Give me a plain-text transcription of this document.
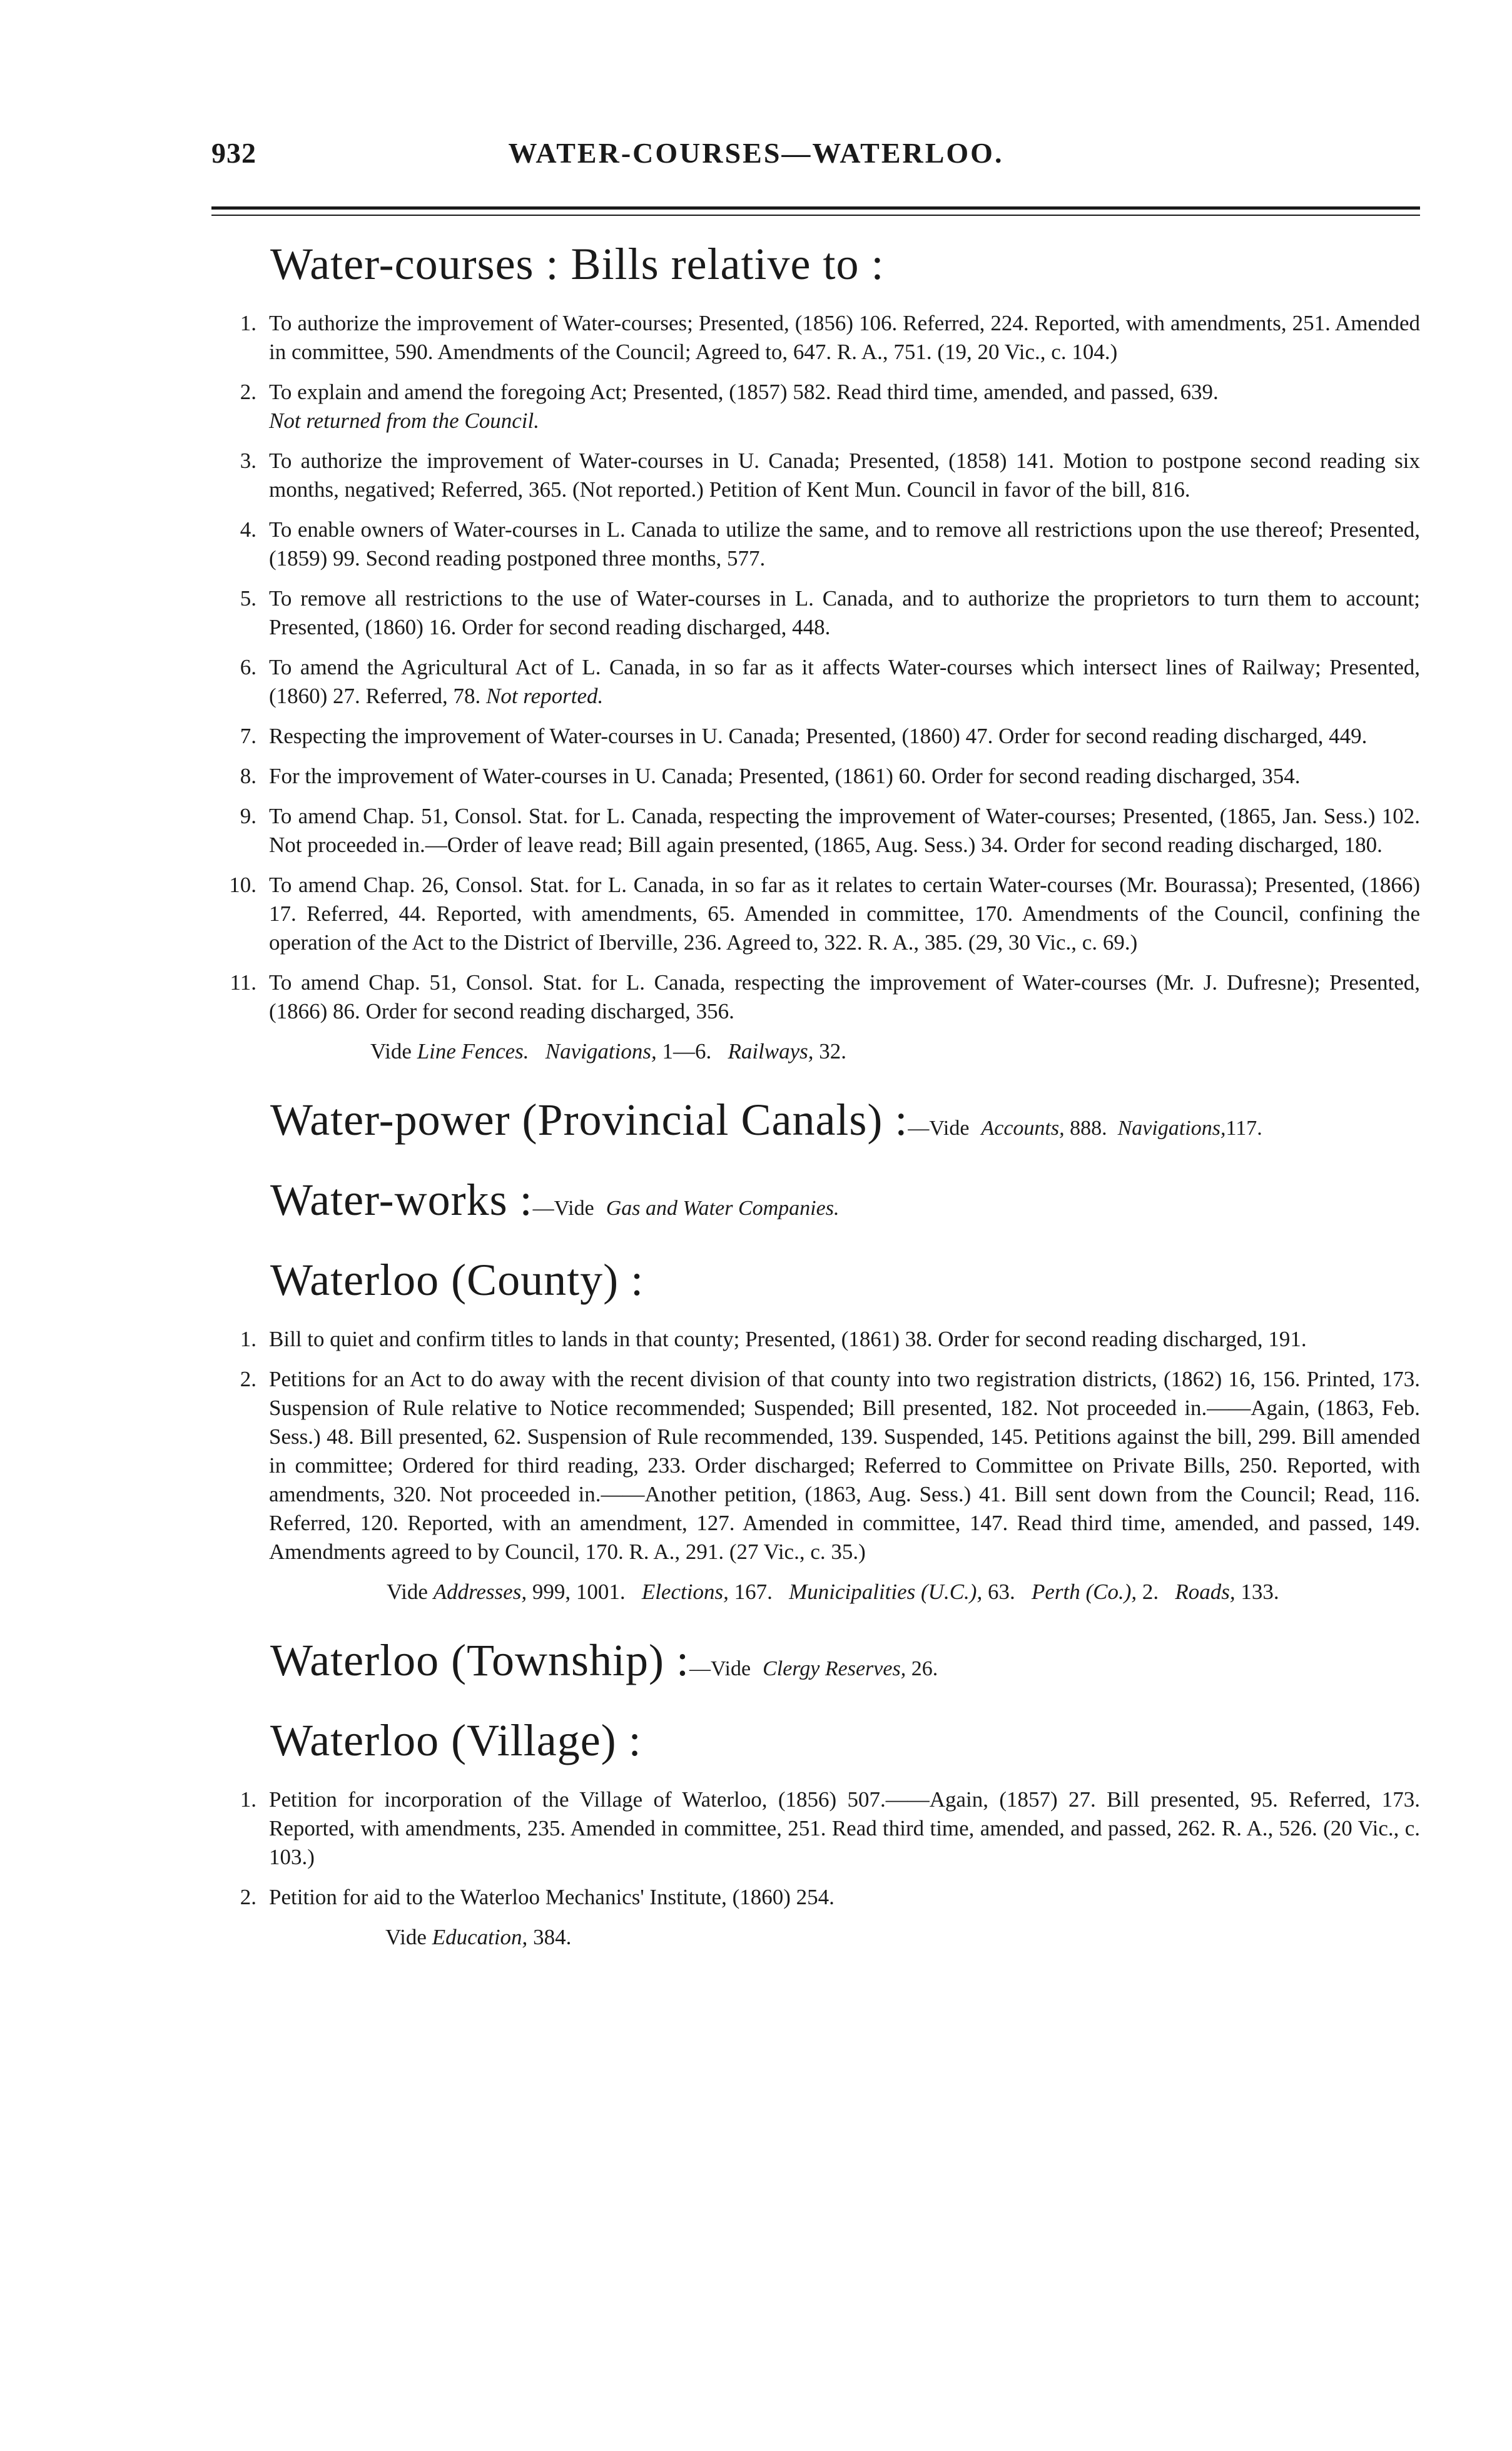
932	WATER-COURSES—WATERLOO.
Water-courses : Bills relative to :
1. To authorize the improvement of Water-courses; Presented, (1856) 106. Referred, 224. Reported, with amendments, 251. Amended in committee, 590. Amendments of the Council; Agreed to, 647. R. A., 751. (19, 20 Vic., c. 104.)
2. To explain and amend the foregoing Act; Presented, (1857) 582. Read third time, amended, and passed, 639.
Not returned from the Council.
3. To authorize the improvement of Water-courses in U. Canada; Presented, (1858) 141. Motion to postpone second reading six months, negatived; Referred, 365. (Not reported.) Petition of Kent Mun. Council in favor of the bill, 816.
4. To enable owners of Water-courses in L. Canada to utilize the same, and to remove all restrictions upon the use thereof; Presented, (1859) 99. Second reading postponed three months, 577.
5. To remove all restrictions to the use of Water-courses in L. Canada, and to authorize the proprietors to turn them to account; Presented, (1860) 16. Order for second reading discharged, 448.
6. To amend the Agricultural Act of L. Canada, in so far as it affects Water-courses which intersect lines of Railway; Presented, (1860) 27. Referred, 78. Not reported.
7. Respecting the improvement of Water-courses in U. Canada; Presented, (1860) 47. Order for second reading discharged, 449.
8. For the improvement of Water-courses in U. Canada; Presented, (1861) 60. Order for second reading discharged, 354.
9. To amend Chap. 51, Consol. Stat. for L. Canada, respecting the improvement of Water-courses; Presented, (1865, Jan. Sess.) 102. Not proceeded in.—Order of leave read; Bill again presented, (1865, Aug. Sess.) 34. Order for second reading discharged, 180.
10. To amend Chap. 26, Consol. Stat. for L. Canada, in so far as it relates to certain Water-courses (Mr. Bourassa); Presented, (1866) 17. Referred, 44. Reported, with amendments, 65. Amended in committee, 170. Amendments of the Council, confining the operation of the Act to the District of Iberville, 236. Agreed to, 322. R. A., 385. (29, 30 Vic., c. 69.)
11. To amend Chap. 51, Consol. Stat. for L. Canada, respecting the improvement of Water-courses (Mr. J. Dufresne); Presented, (1866) 86. Order for second reading discharged, 356.
Vide Line Fences. Navigations, 1—6. Railways, 32.
Water-power (Provincial Canals) :—Vide Accounts, 888. Navigations,117.
Water-works :—Vide Gas and Water Companies.
Waterloo (County) :
1. Bill to quiet and confirm titles to lands in that county; Presented, (1861) 38. Order for second reading discharged, 191.
2. Petitions for an Act to do away with the recent division of that county into two registration districts, (1862) 16, 156. Printed, 173. Suspension of Rule relative to Notice recommended; Suspended; Bill presented, 182. Not proceeded in.——Again, (1863, Feb. Sess.) 48. Bill presented, 62. Suspension of Rule recommended, 139. Suspended, 145. Petitions against the bill, 299. Bill amended in committee; Ordered for third reading, 233. Order discharged; Referred to Committee on Private Bills, 250. Reported, with amendments, 320. Not proceeded in.——Another petition, (1863, Aug. Sess.) 41. Bill sent down from the Council; Read, 116. Referred, 120. Reported, with an amendment, 127. Amended in committee, 147. Read third time, amended, and passed, 149. Amendments agreed to by Council, 170. R. A., 291. (27 Vic., c. 35.)
Vide Addresses, 999, 1001. Elections, 167. Municipalities (U.C.), 63. Perth (Co.), 2. Roads, 133.
Waterloo (Township) :—Vide Clergy Reserves, 26.
Waterloo (Village) :
1. Petition for incorporation of the Village of Waterloo, (1856) 507.——Again, (1857) 27. Bill presented, 95. Referred, 173. Reported, with amendments, 235. Amended in committee, 251. Read third time, amended, and passed, 262. R. A., 526. (20 Vic., c. 103.)
2. Petition for aid to the Waterloo Mechanics' Institute, (1860) 254.
Vide Education, 384.
